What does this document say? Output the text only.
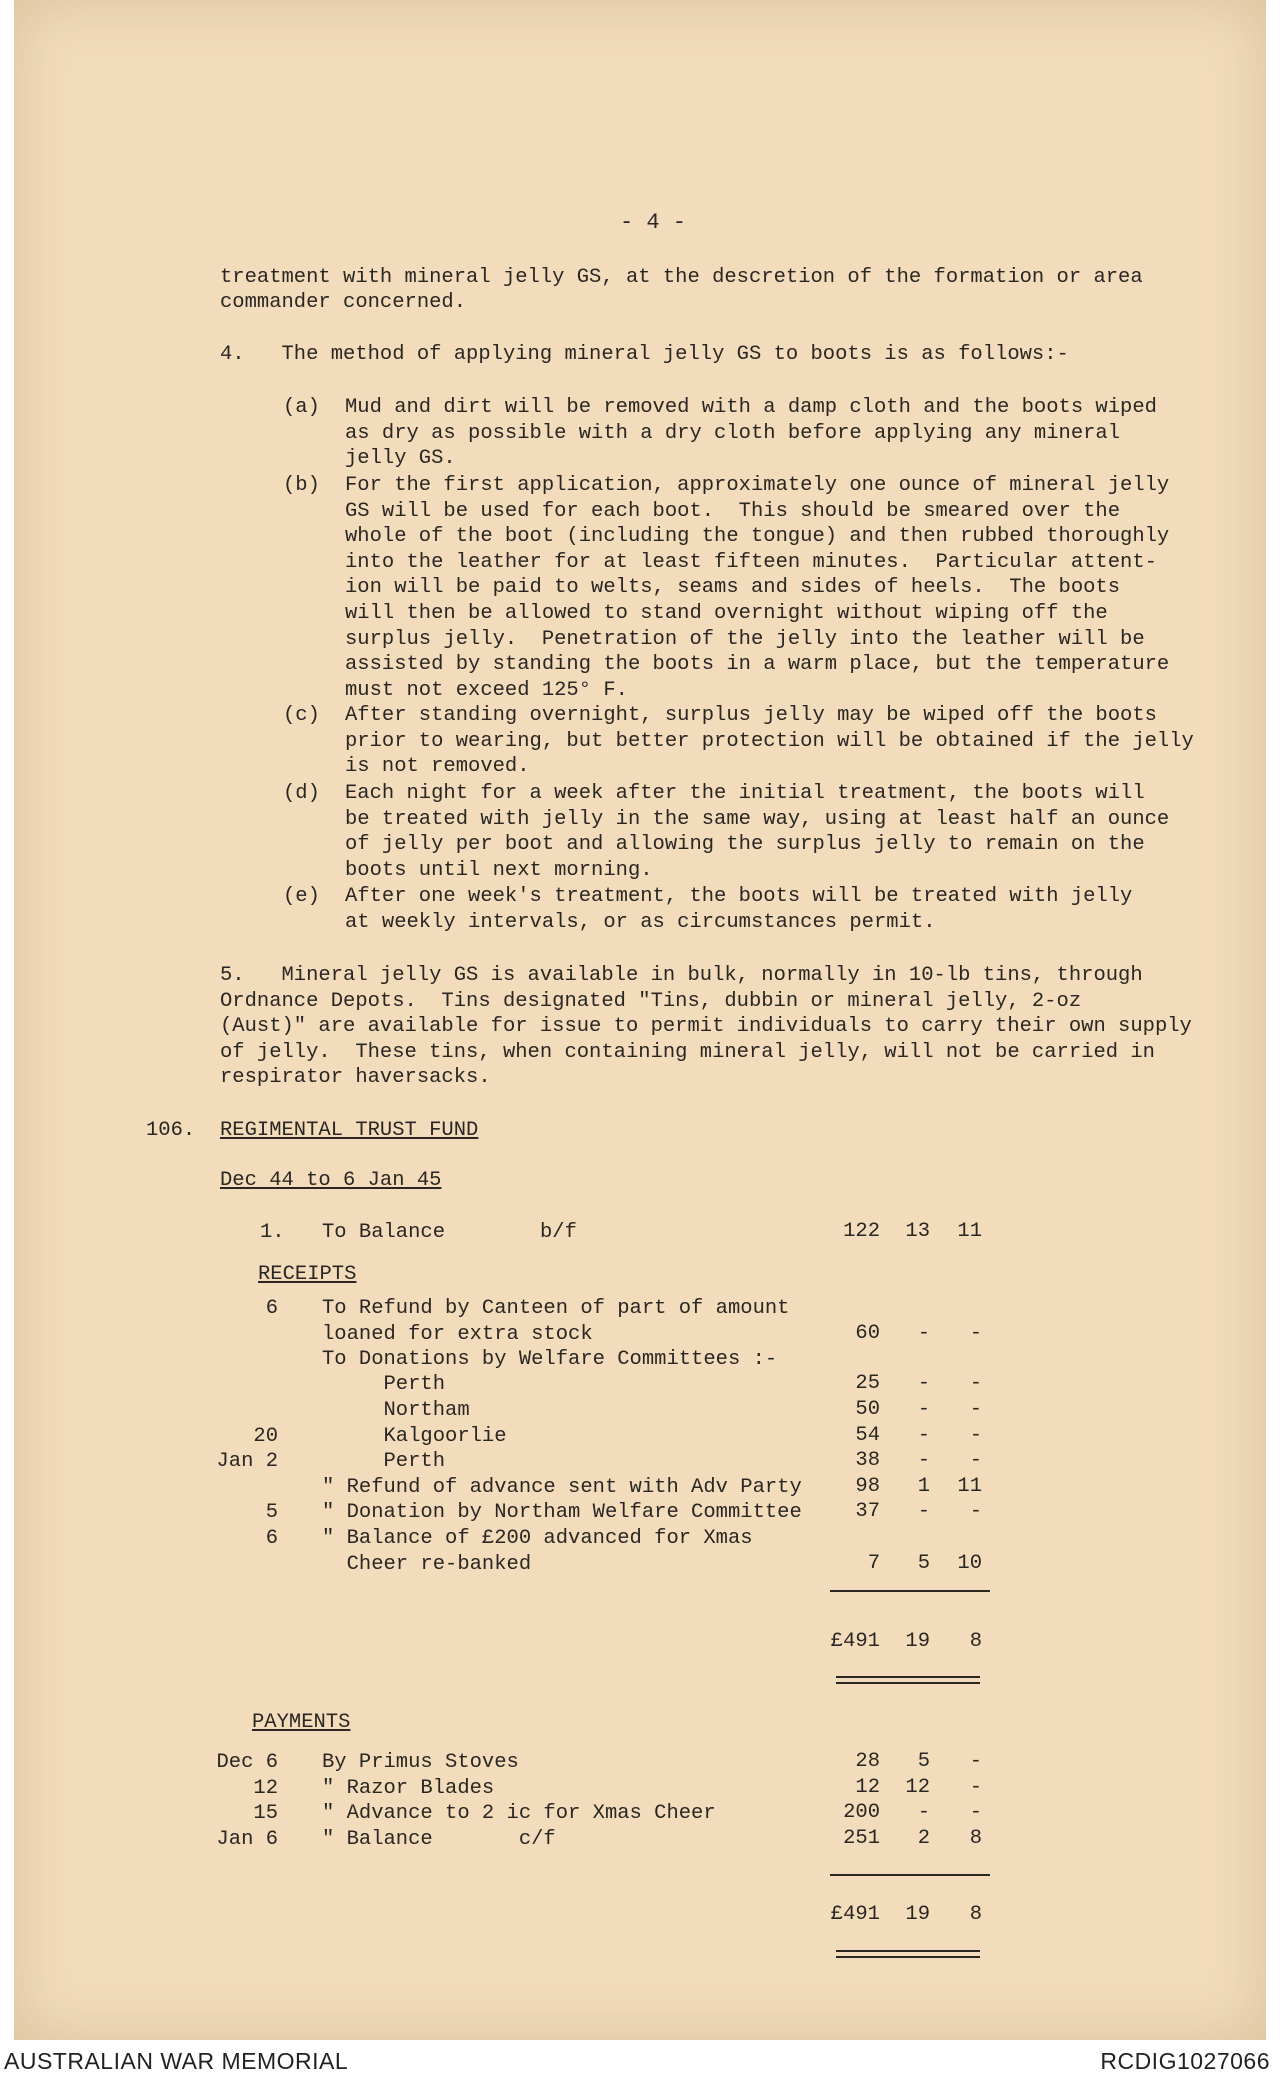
- 4 -
treatment with mineral jelly GS, at the descretion of the formation or area
commander concerned.
4.   The method of applying mineral jelly GS to boots is as follows:-
(a) Mud and dirt will be removed with a damp cloth and the boots wiped
as dry as possible with a dry cloth before applying any mineral
jelly GS.
(b) For the first application, approximately one ounce of mineral jelly
GS will be used for each boot.  This should be smeared over the
whole of the boot (including the tongue) and then rubbed thoroughly
into the leather for at least fifteen minutes.  Particular attent-
ion will be paid to welts, seams and sides of heels.  The boots
will then be allowed to stand overnight without wiping off the
surplus jelly.  Penetration of the jelly into the leather will be
assisted by standing the boots in a warm place, but the temperature
must not exceed 125° F.
(c) After standing overnight, surplus jelly may be wiped off the boots
prior to wearing, but better protection will be obtained if the jelly
is not removed.
(d) Each night for a week after the initial treatment, the boots will
be treated with jelly in the same way, using at least half an ounce
of jelly per boot and allowing the surplus jelly to remain on the
boots until next morning.
(e) After one week's treatment, the boots will be treated with jelly
at weekly intervals, or as circumstances permit.
5.   Mineral jelly GS is available in bulk, normally in 10-lb tins, through
Ordnance Depots.  Tins designated "Tins, dubbin or mineral jelly, 2-oz
(Aust)" are available for issue to permit individuals to carry their own supply
of jelly.  These tins, when containing mineral jelly, will not be carried in
respirator haversacks.
106. REGIMENTAL TRUST FUND
Dec 44 to 6 Jan 45
1. To Balance	b/f	122 13 11
RECEIPTS
6 To Refund by Canteen of part of amount
loaned for extra stock	60 - -
To Donations by Welfare Committees :-
Perth	25 - -
Northam	50 - -
20 Kalgoorlie	54 - -
Jan 2 Perth	38 - -
" Refund of advance sent with Adv Party	98 1 11
5 " Donation by Northam Welfare Committee	37 - -
6 " Balance of £200 advanced for Xmas
Cheer re-banked	7 5 10
£491 19 8
PAYMENTS
Dec 6 By Primus Stoves	28 5 -
12 " Razor Blades	12 12 -
15 " Advance to 2 ic for Xmas Cheer	200 - -
Jan 6 " Balance       c/f	251 2 8
£491 19 8
AUSTRALIAN WAR MEMORIAL	RCDIG1027066
